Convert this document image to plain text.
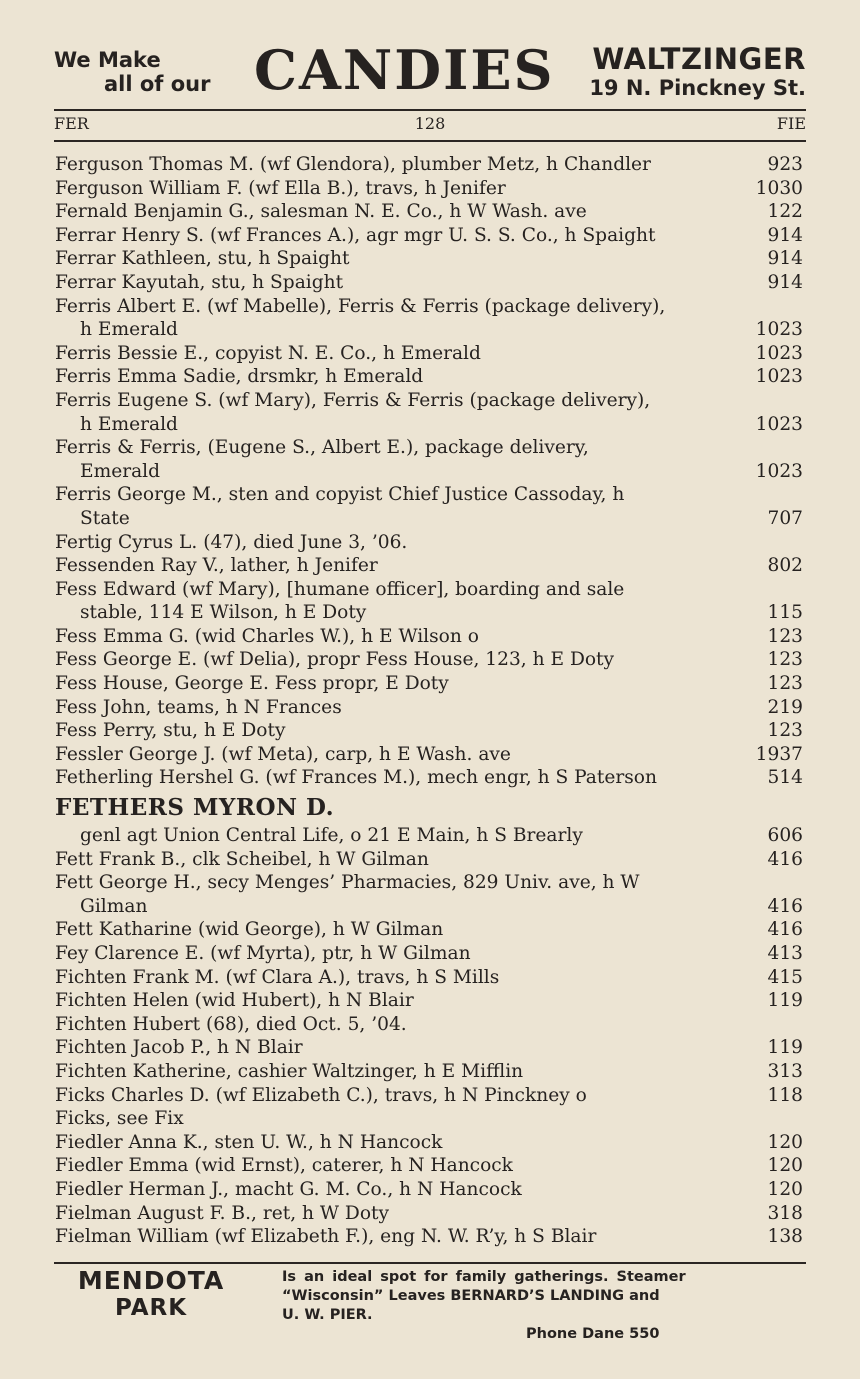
We Make
all of our CANDIES WALTZINGER
19 N. Pinckney St.
FER	128	FIE
Ferguson Thomas M. (wf Glendora), plumber Metz, h Chandler	923
Ferguson William F. (wf Ella B.), travs, h Jenifer	1030
Fernald Benjamin G., salesman N. E. Co., h W Wash. ave	122
Ferrar Henry S. (wf Frances A.), agr mgr U. S. S. Co., h Spaight	914
Ferrar Kathleen, stu, h Spaight	914
Ferrar Kayutah, stu, h Spaight	914
Ferris Albert E. (wf Mabelle), Ferris & Ferris (package delivery),
h Emerald	1023
Ferris Bessie E., copyist N. E. Co., h Emerald	1023
Ferris Emma Sadie, drsmkr, h Emerald	1023
Ferris Eugene S. (wf Mary), Ferris & Ferris (package delivery),
h Emerald	1023
Ferris & Ferris, (Eugene S., Albert E.), package delivery,
Emerald	1023
Ferris George M., sten and copyist Chief Justice Cassoday, h
State	707
Fertig Cyrus L. (47), died June 3, ’06.
Fessenden Ray V., lather, h Jenifer	802
Fess Edward (wf Mary), [humane officer], boarding and sale
stable, 114 E Wilson, h E Doty	115
Fess Emma G. (wid Charles W.), h E Wilson o	123
Fess George E. (wf Delia), propr Fess House, 123, h E Doty	123
Fess House, George E. Fess propr, E Doty	123
Fess John, teams, h N Frances	219
Fess Perry, stu, h E Doty	123
Fessler George J. (wf Meta), carp, h E Wash. ave	1937
Fetherling Hershel G. (wf Frances M.), mech engr, h S Paterson	514
FETHERS MYRON D.
genl agt Union Central Life, o 21 E Main, h S Brearly	606
Fett Frank B., clk Scheibel, h W Gilman	416
Fett George H., secy Menges’ Pharmacies, 829 Univ. ave, h W
Gilman	416
Fett Katharine (wid George), h W Gilman	416
Fey Clarence E. (wf Myrta), ptr, h W Gilman	413
Fichten Frank M. (wf Clara A.), travs, h S Mills	415
Fichten Helen (wid Hubert), h N Blair	119
Fichten Hubert (68), died Oct. 5, ’04.
Fichten Jacob P., h N Blair	119
Fichten Katherine, cashier Waltzinger, h E Mifflin	313
Ficks Charles D. (wf Elizabeth C.), travs, h N Pinckney o	118
Ficks, see Fix
Fiedler Anna K., sten U. W., h N Hancock	120
Fiedler Emma (wid Ernst), caterer, h N Hancock	120
Fiedler Herman J., macht G. M. Co., h N Hancock	120
Fielman August F. B., ret, h W Doty	318
Fielman William (wf Elizabeth F.), eng N. W. R’y, h S Blair	138
MENDOTA
PARK
Is an ideal spot for family gatherings. Steamer
“Wisconsin” Leaves BERNARD’S LANDING and
U. W. PIER.
Phone Dane 550
